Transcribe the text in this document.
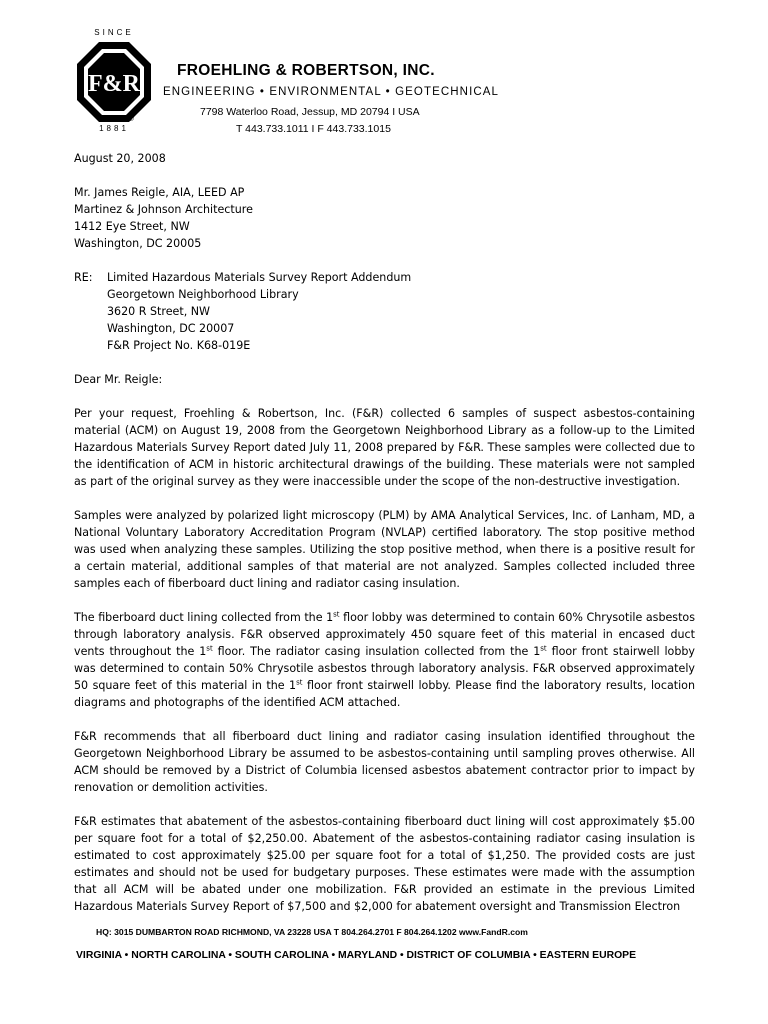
SINCE
F&R
®
1881
FROEHLING & ROBERTSON, INC.
ENGINEERING • ENVIRONMENTAL • GEOTECHNICAL
7798 Waterloo Road, Jessup, MD 20794 I USA
T 443.733.1011 I F 443.733.1015
August 20, 2008
Mr. James Reigle, AIA, LEED AP
Martinez & Johnson Architecture
1412 Eye Street, NW
Washington, DC 20005
RE:	Limited Hazardous Materials Survey Report Addendum
Georgetown Neighborhood Library
3620 R Street, NW
Washington, DC 20007
F&R Project No. K68-019E
Dear Mr. Reigle:
Per your request, Froehling & Robertson, Inc. (F&R) collected 6 samples of suspect asbestos-containing material (ACM) on August 19, 2008 from the Georgetown Neighborhood Library as a follow-up to the Limited Hazardous Materials Survey Report dated July 11, 2008 prepared by F&R. These samples were collected due to the identification of ACM in historic architectural drawings of the building. These materials were not sampled as part of the original survey as they were inaccessible under the scope of the non-destructive investigation.
Samples were analyzed by polarized light microscopy (PLM) by AMA Analytical Services, Inc. of Lanham, MD, a National Voluntary Laboratory Accreditation Program (NVLAP) certified laboratory. The stop positive method was used when analyzing these samples. Utilizing the stop positive method, when there is a positive result for a certain material, additional samples of that material are not analyzed. Samples collected included three samples each of fiberboard duct lining and radiator casing insulation.
The fiberboard duct lining collected from the 1st floor lobby was determined to contain 60% Chrysotile asbestos through laboratory analysis. F&R observed approximately 450 square feet of this material in encased duct vents throughout the 1st floor. The radiator casing insulation collected from the 1st floor front stairwell lobby was determined to contain 50% Chrysotile asbestos through laboratory analysis. F&R observed approximately 50 square feet of this material in the 1st floor front stairwell lobby. Please find the laboratory results, location diagrams and photographs of the identified ACM attached.
F&R recommends that all fiberboard duct lining and radiator casing insulation identified throughout the Georgetown Neighborhood Library be assumed to be asbestos-containing until sampling proves otherwise. All ACM should be removed by a District of Columbia licensed asbestos abatement contractor prior to impact by renovation or demolition activities.
F&R estimates that abatement of the asbestos-containing fiberboard duct lining will cost approximately $5.00 per square foot for a total of $2,250.00. Abatement of the asbestos-containing radiator casing insulation is estimated to cost approximately $25.00 per square foot for a total of $1,250. The provided costs are just estimates and should not be used for budgetary purposes. These estimates were made with the assumption that all ACM will be abated under one mobilization. F&R provided an estimate in the previous Limited Hazardous Materials Survey Report of $7,500 and $2,000 for abatement oversight and Transmission Electron
HQ: 3015 DUMBARTON ROAD RICHMOND, VA 23228 USA T 804.264.2701 F 804.264.1202 www.FandR.com
VIRGINIA • NORTH CAROLINA • SOUTH CAROLINA • MARYLAND • DISTRICT OF COLUMBIA • EASTERN EUROPE
